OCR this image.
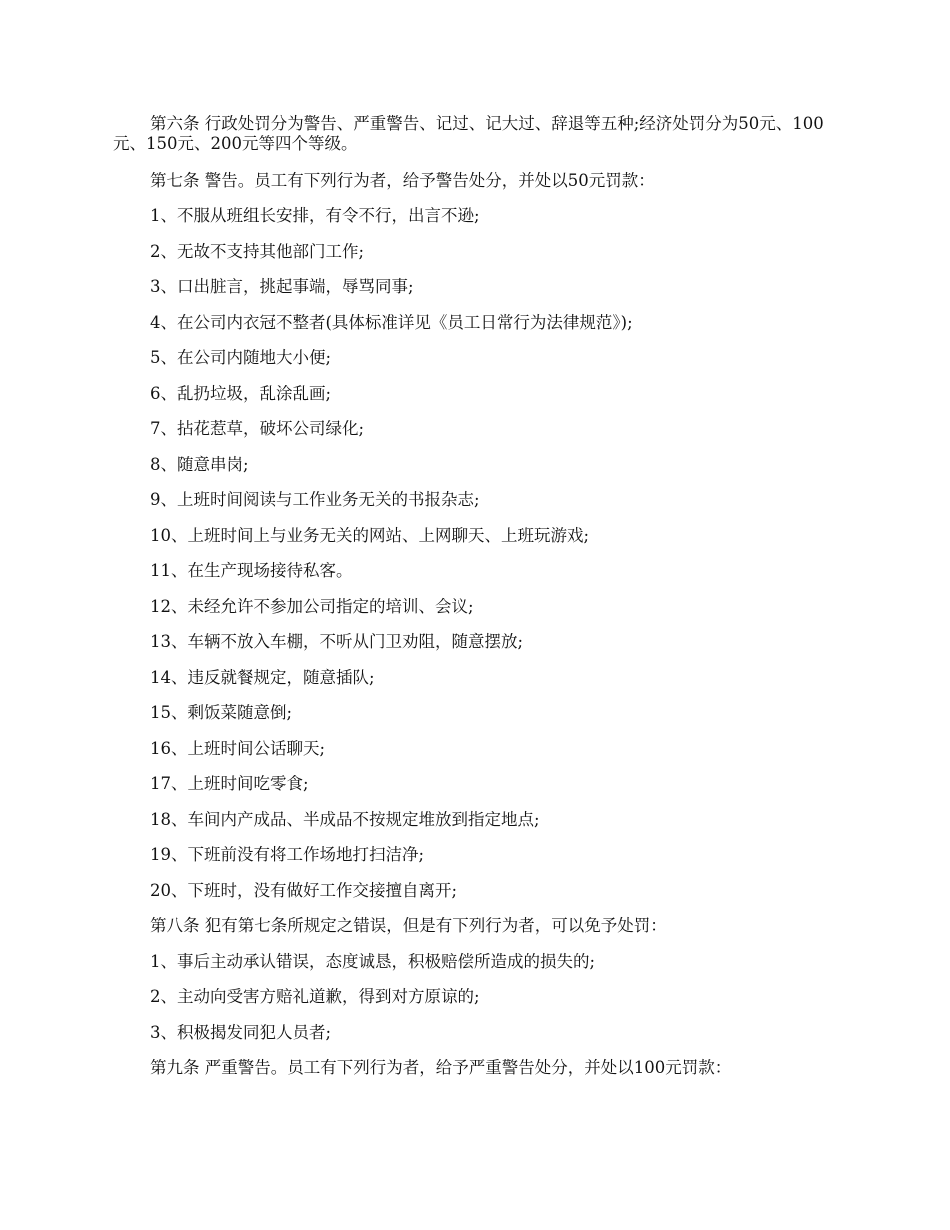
第六条 行政处罚分为警告、严重警告、记过、记大过、辞退等五种;经济处罚分为50元、100元、150元、200元等四个等级。

第七条 警告。员工有下列行为者，给予警告处分，并处以50元罚款：

1、不服从班组长安排，有令不行，出言不逊;

2、无故不支持其他部门工作;

3、口出脏言，挑起事端，辱骂同事;

4、在公司内衣冠不整者(具体标准详见《员工日常行为法律规范》);

5、在公司内随地大小便;

6、乱扔垃圾，乱涂乱画;

7、拈花惹草，破坏公司绿化;

8、随意串岗;

9、上班时间阅读与工作业务无关的书报杂志;

10、上班时间上与业务无关的网站、上网聊天、上班玩游戏;

11、在生产现场接待私客。

12、未经允许不参加公司指定的培训、会议;

13、车辆不放入车棚，不听从门卫劝阻，随意摆放;

14、违反就餐规定，随意插队;

15、剩饭菜随意倒;

16、上班时间公话聊天;

17、上班时间吃零食;

18、车间内产成品、半成品不按规定堆放到指定地点;

19、下班前没有将工作场地打扫洁净;

20、下班时，没有做好工作交接擅自离开;

第八条 犯有第七条所规定之错误，但是有下列行为者，可以免予处罚：

1、事后主动承认错误，态度诚恳，积极赔偿所造成的损失的;

2、主动向受害方赔礼道歉，得到对方原谅的;

3、积极揭发同犯人员者;

第九条 严重警告。员工有下列行为者，给予严重警告处分，并处以100元罚款：
